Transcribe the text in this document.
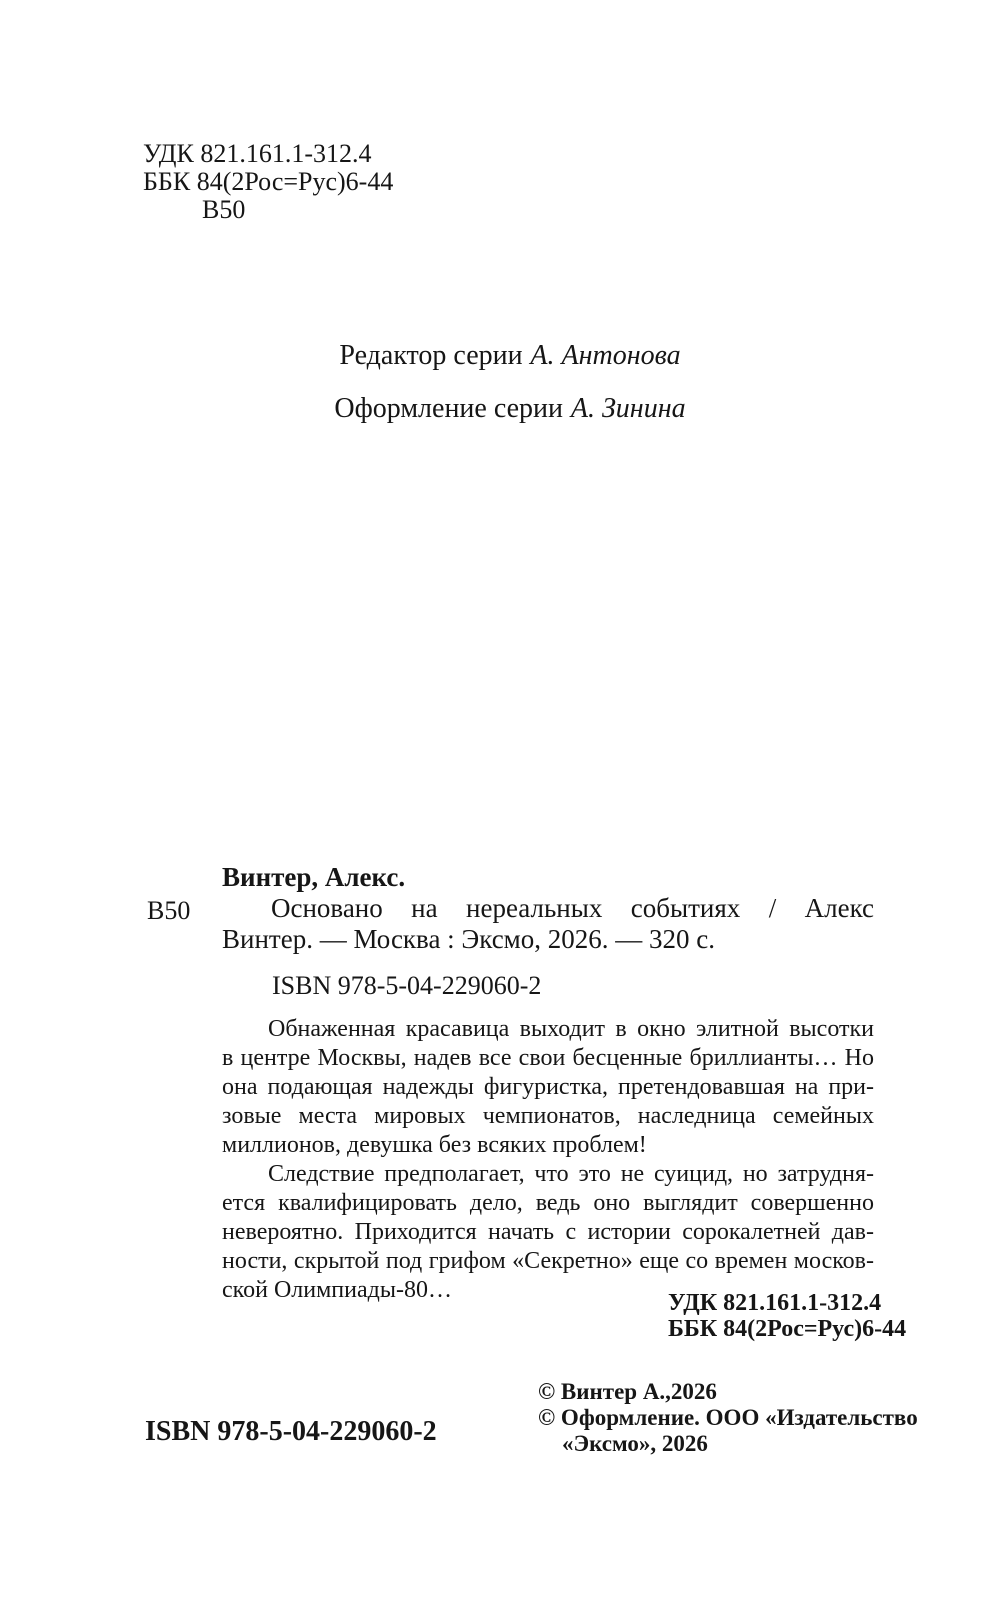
УДК 821.161.1-312.4
ББК 84(2Рос=Рус)6-44
В50
Редактор серии А. Антонова
Оформление серии А. Зинина
В50
Винтер, Алекс.
Основано на нереальных событиях / Алекс
Винтер. — Москва : Эксмо, 2026. — 320 с.
ISBN 978-5-04-229060-2
Обнаженная красавица выходит в окно элитной высотки
в центре Москвы, надев все свои бесценные бриллианты… Но
она подающая надежды фигуристка, претендовавшая на при-
зовые места мировых чемпионатов, наследница семейных
миллионов, девушка без всяких проблем!
Следствие предполагает, что это не суицид, но затрудня-
ется квалифицировать дело, ведь оно выглядит совершенно
невероятно. Приходится начать с истории сорокалетней дав-
ности, скрытой под грифом «Секретно» еще со времен москов-
ской Олимпиады-80…	УДК 821.161.1-312.4
ББК 84(2Рос=Рус)6-44
© Винтер А.,2026
© Оформление. ООО «Издательство
«Эксмо», 2026
ISBN 978-5-04-229060-2
